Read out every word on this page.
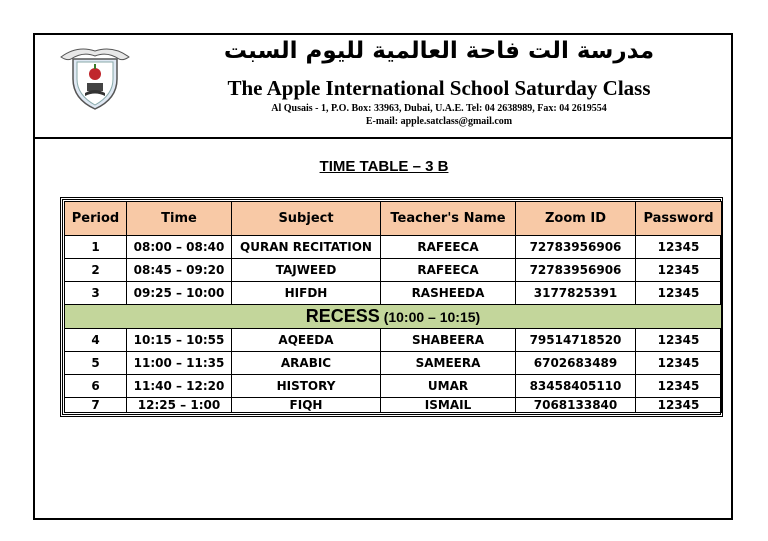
مدرسة الت فاحة العالمية لليوم السبت
The Apple International School Saturday Class
Al Qusais - 1, P.O. Box: 33963, Dubai, U.A.E. Tel: 04 2638989, Fax: 04 2619554
E-mail: apple.satclass@gmail.com
TIME TABLE – 3 B
Period	Time	Subject	Teacher's Name	Zoom ID	Password
1	08:00 – 08:40	QURAN RECITATION	RAFEECA	72783956906	12345
2	08:45 – 09:20	TAJWEED	RAFEECA	72783956906	12345
3	09:25 – 10:00	HIFDH	RASHEEDA	3177825391	12345
RECESS (10:00 – 10:15)					
4	10:15 – 10:55	AQEEDA	SHABEERA	79514718520	12345
5	11:00 – 11:35	ARABIC	SAMEERA	6702683489	12345
6	11:40 – 12:20	HISTORY	UMAR	83458405110	12345
7	12:25 – 1:00	FIQH	ISMAIL	7068133840	12345
